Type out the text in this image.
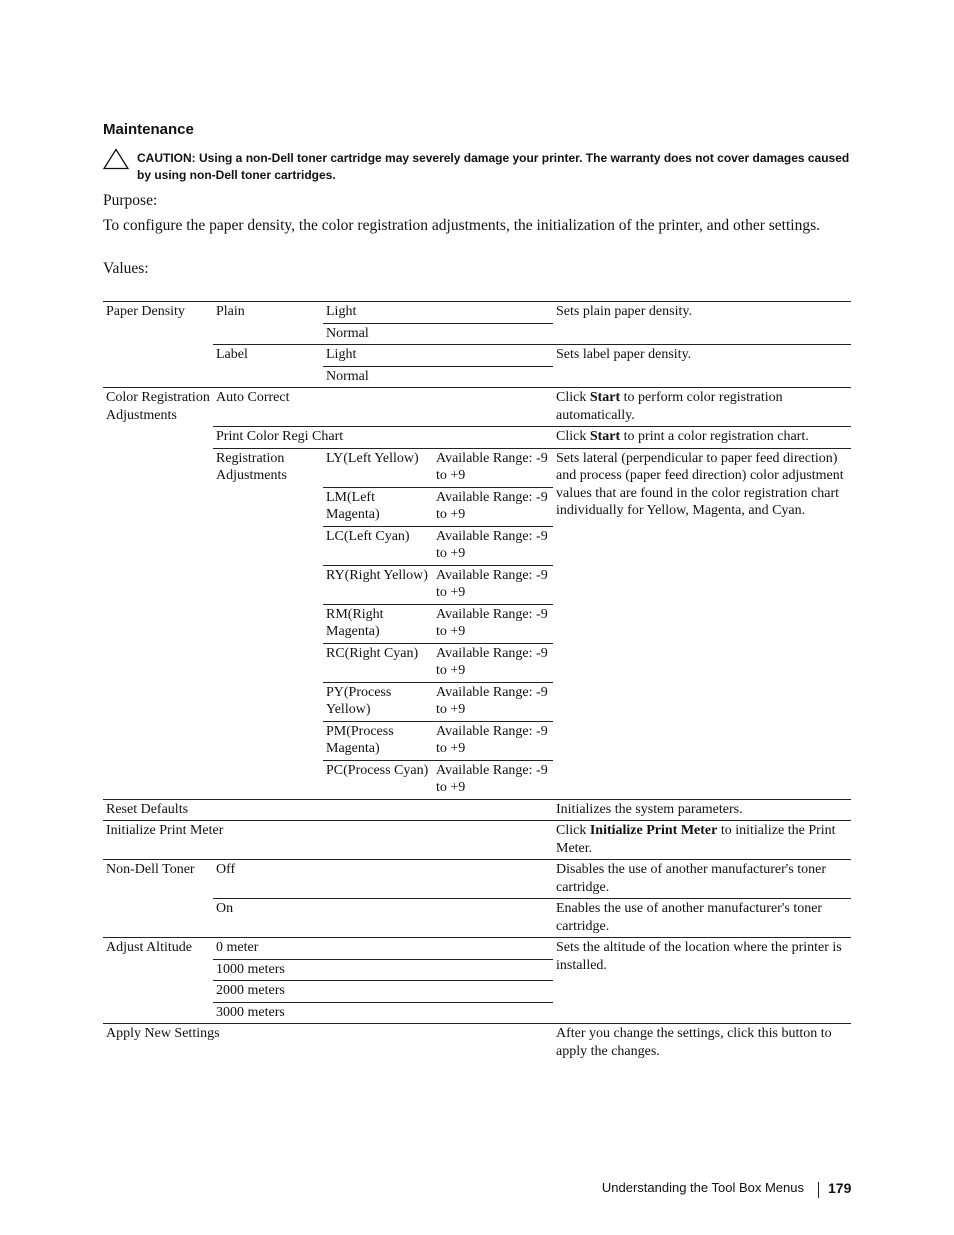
Maintenance
CAUTION: Using a non-Dell toner cartridge may severely damage your printer. The warranty does not cover damages caused by using non-Dell toner cartridges.
Purpose:
To configure the paper density, the color registration adjustments, the initialization of the printer, and other settings.
Values:
Paper Density	Plain	Light		Sets plain paper density.
		Normal		
	Label	Light		Sets label paper density.
		Normal		
Color Registration Adjustments	Auto Correct			Click Start to perform color registration automatically.
	Print Color Regi Chart			Click Start to print a color registration chart.
	Registration Adjustments	LY(Left Yellow)	Available Range: -9 to +9	Sets lateral (perpendicular to paper feed direction) and process (paper feed direction) color adjustment values that are found in the color registration chart individually for Yellow, Magenta, and Cyan.
		LM(Left Magenta)	Available Range: -9 to +9	
		LC(Left Cyan)	Available Range: -9 to +9	
		RY(Right Yellow)	Available Range: -9 to +9	
		RM(Right Magenta)	Available Range: -9 to +9	
		RC(Right Cyan)	Available Range: -9 to +9	
		PY(Process Yellow)	Available Range: -9 to +9	
		PM(Process Magenta)	Available Range: -9 to +9	
		PC(Process Cyan)	Available Range: -9 to +9	
Reset Defaults				Initializes the system parameters.
Initialize Print Meter				Click Initialize Print Meter to initialize the Print Meter.
Non-Dell Toner	Off			Disables the use of another manufacturer's toner cartridge.
	On			Enables the use of another manufacturer's toner cartridge.
Adjust Altitude	0 meter			Sets the altitude of the location where the printer is installed.
	1000 meters			
	2000 meters			
	3000 meters			
Apply New Settings				After you change the settings, click this button to apply the changes.
Understanding the Tool Box Menus 179
